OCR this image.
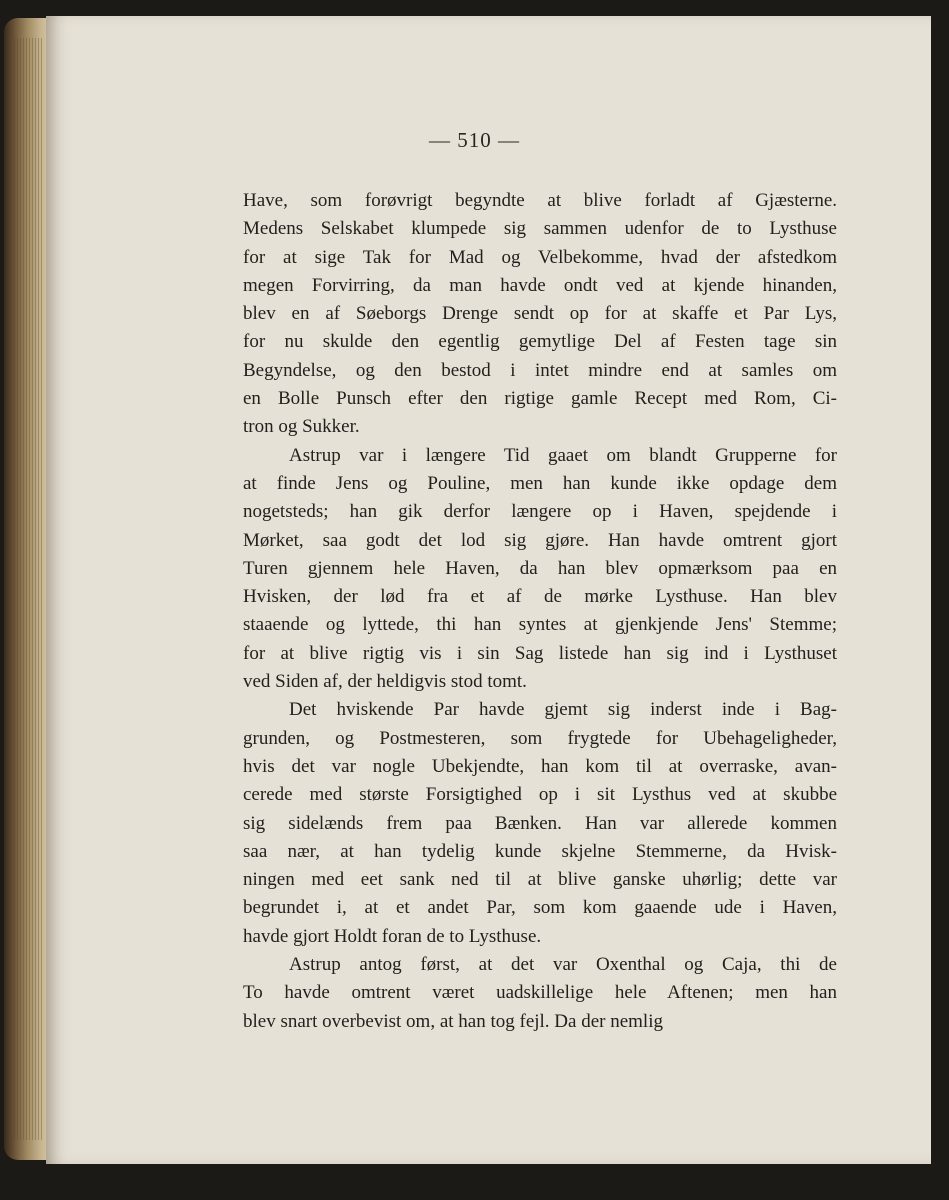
— 510 —
Have, som forøvrigt begyndte at blive forladt af Gjæsterne.
Medens Selskabet klumpede sig sammen udenfor de to Lysthuse
for at sige Tak for Mad og Velbekomme, hvad der afstedkom
megen Forvirring, da man havde ondt ved at kjende hinanden,
blev en af Søeborgs Drenge sendt op for at skaffe et Par Lys,
for nu skulde den egentlig gemytlige Del af Festen tage sin
Begyndelse, og den bestod i intet mindre end at samles om
en Bolle Punsch efter den rigtige gamle Recept med Rom, Ci-
tron og Sukker.
Astrup var i længere Tid gaaet om blandt Grupperne for
at finde Jens og Pouline, men han kunde ikke opdage dem
nogetsteds; han gik derfor længere op i Haven, spejdende i
Mørket, saa godt det lod sig gjøre. Han havde omtrent gjort
Turen gjennem hele Haven, da han blev opmærksom paa en
Hvisken, der lød fra et af de mørke Lysthuse. Han blev
staaende og lyttede, thi han syntes at gjenkjende Jens' Stemme;
for at blive rigtig vis i sin Sag listede han sig ind i Lysthuset
ved Siden af, der heldigvis stod tomt.
Det hviskende Par havde gjemt sig inderst inde i Bag-
grunden, og Postmesteren, som frygtede for Ubehageligheder,
hvis det var nogle Ubekjendte, han kom til at overraske, avan-
cerede med største Forsigtighed op i sit Lysthus ved at skubbe
sig sidelænds frem paa Bænken. Han var allerede kommen
saa nær, at han tydelig kunde skjelne Stemmerne, da Hvisk-
ningen med eet sank ned til at blive ganske uhørlig; dette var
begrundet i, at et andet Par, som kom gaaende ude i Haven,
havde gjort Holdt foran de to Lysthuse.
Astrup antog først, at det var Oxenthal og Caja, thi de
To havde omtrent været uadskillelige hele Aftenen; men han
blev snart overbevist om, at han tog fejl. Da der nemlig
